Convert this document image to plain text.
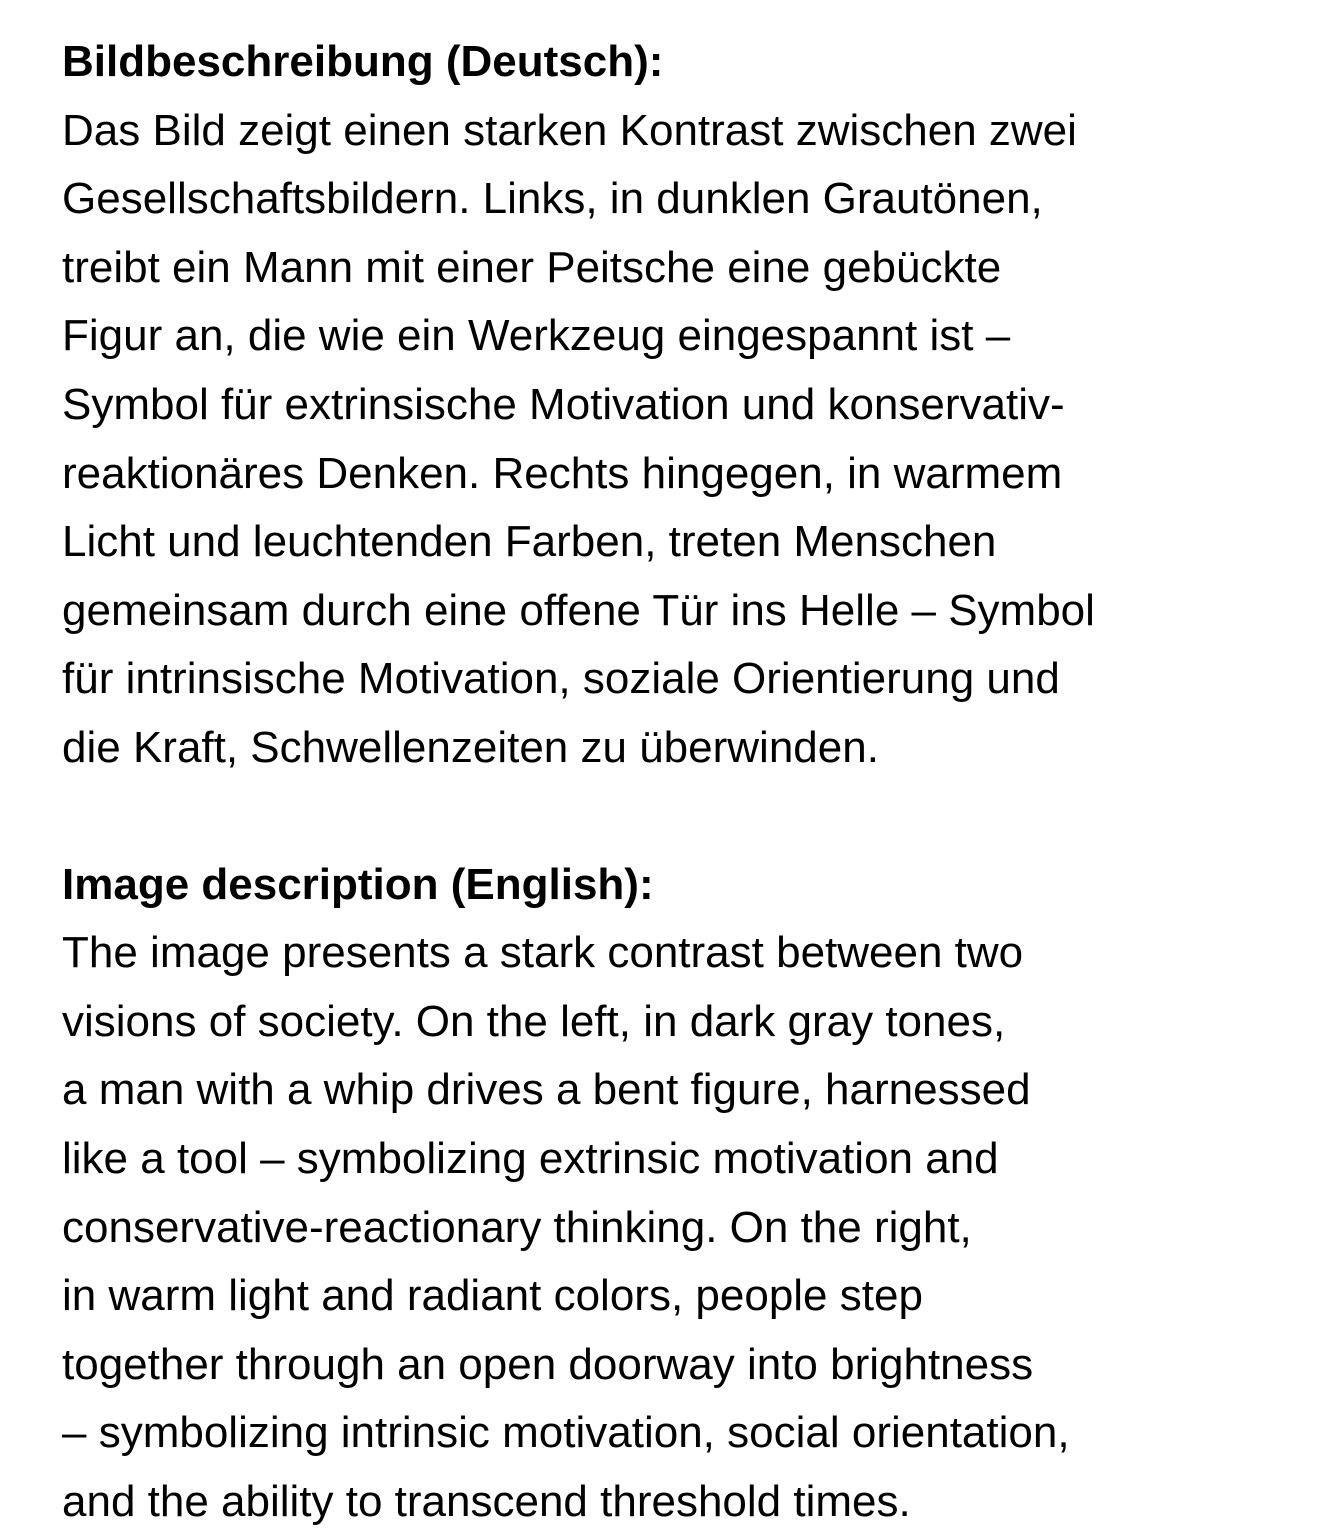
Bildbeschreibung (Deutsch):
Das Bild zeigt einen starken Kontrast zwischen zwei
Gesellschaftsbildern. Links, in dunklen Grautönen,
treibt ein Mann mit einer Peitsche eine gebückte
Figur an, die wie ein Werkzeug eingespannt ist –
Symbol für extrinsische Motivation und konservativ-
reaktionäres Denken. Rechts hingegen, in warmem
Licht und leuchtenden Farben, treten Menschen
gemeinsam durch eine offene Tür ins Helle – Symbol
für intrinsische Motivation, soziale Orientierung und
die Kraft, Schwellenzeiten zu überwinden.
Image description (English):
The image presents a stark contrast between two
visions of society. On the left, in dark gray tones,
a man with a whip drives a bent figure, harnessed
like a tool – symbolizing extrinsic motivation and
conservative-reactionary thinking. On the right,
in warm light and radiant colors, people step
together through an open doorway into brightness
– symbolizing intrinsic motivation, social orientation,
and the ability to transcend threshold times.
